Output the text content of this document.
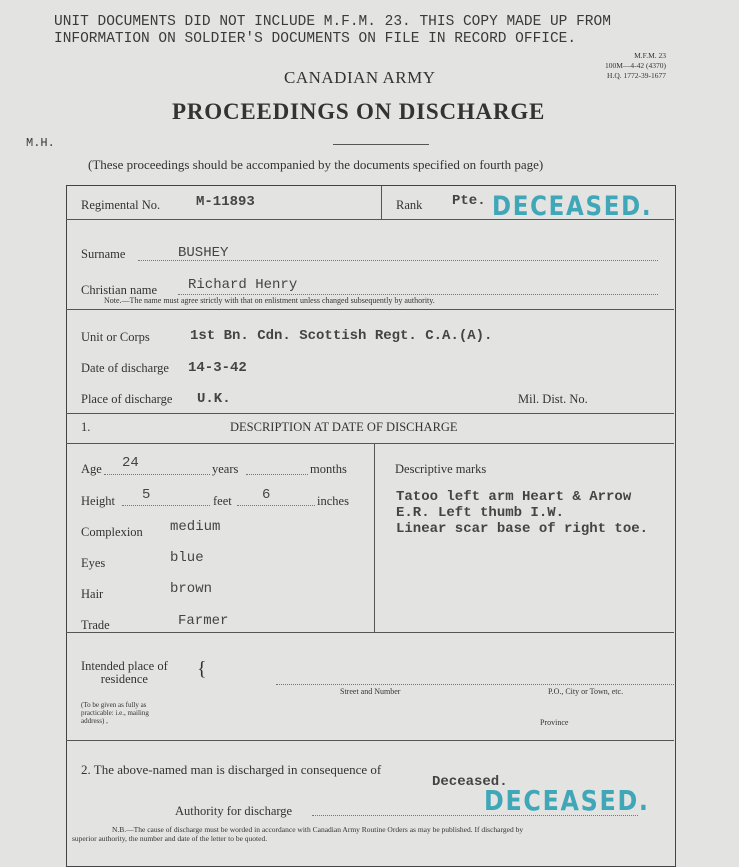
UNIT DOCUMENTS DID NOT INCLUDE M.F.M. 23. THIS COPY MADE UP FROM
INFORMATION ON SOLDIER'S DOCUMENTS ON FILE IN RECORD OFFICE.
M.F.M. 23
100M—4-42 (4370)
H.Q. 1772-39-1677
CANADIAN ARMY
PROCEEDINGS ON DISCHARGE
M.H.
(These proceedings should be accompanied by the documents specified on fourth page)
Regimental No.	M-11893	Rank Pte. DECEASED.
Surname	BUSHEY
Christian name Richard Henry
Note.—The name must agree strictly with that on enlistment unless changed subsequently by authority.
Unit or Corps	1st Bn. Cdn. Scottish Regt. C.A.(A).
Date of discharge 14-3-42
Place of discharge U.K.	Mil. Dist. No.
1.	DESCRIPTION AT DATE OF DISCHARGE
Age 24	years	months
Height 5	feet 6	inches
Complexion medium
Eyes	blue
Hair	brown
Trade	Farmer
Descriptive marks
Tatoo left arm Heart & Arrow
E.R. Left thumb I.W.
Linear scar base of right toe.
Intended place of
residence	{
Street and Number	P.O., City or Town, etc.
Province
(To be given as fully as
practicable: i.e., mailing
address) ,
2. The above-named man is discharged in consequence of
Deceased.
Authority for discharge	DECEASED.
N.B.—The cause of discharge must be worded in accordance with Canadian Army Routine Orders as may be published. If discharged by
superior authority, the number and date of the letter to be quoted.
